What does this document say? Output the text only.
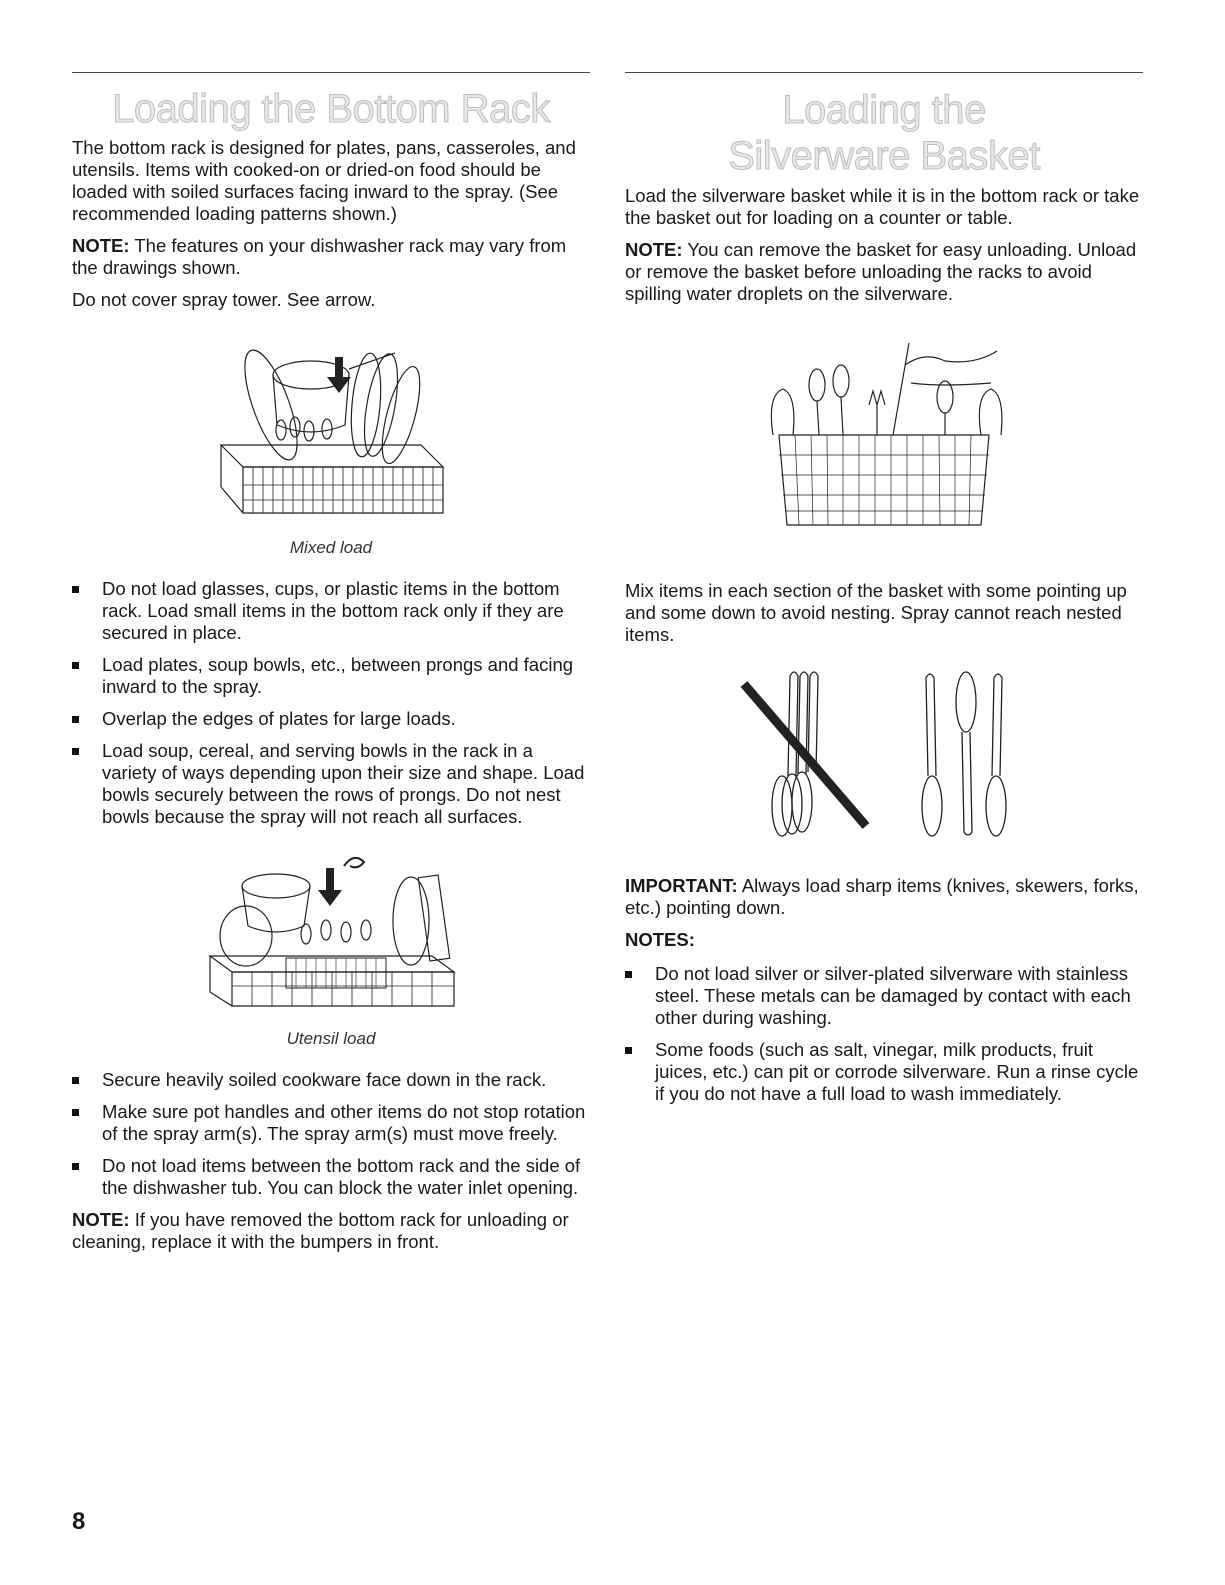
Loading the Bottom Rack

The bottom rack is designed for plates, pans, casseroles, and utensils. Items with cooked-on or dried-on food should be loaded with soiled surfaces facing inward to the spray. (See recommended loading patterns shown.)

NOTE: The features on your dishwasher rack may vary from the drawings shown.

Do not cover spray tower. See arrow.

Mixed load
Do not load glasses, cups, or plastic items in the bottom rack. Load small items in the bottom rack only if they are secured in place.
Load plates, soup bowls, etc., between prongs and facing inward to the spray.
Overlap the edges of plates for large loads.
Load soup, cereal, and serving bowls in the rack in a variety of ways depending upon their size and shape. Load bowls securely between the rows of prongs. Do not nest bowls because the spray will not reach all surfaces.
Utensil load
Secure heavily soiled cookware face down in the rack.
Make sure pot handles and other items do not stop rotation of the spray arm(s). The spray arm(s) must move freely.
Do not load items between the bottom rack and the side of the dishwasher tub. You can block the water inlet opening.

NOTE: If you have removed the bottom rack for unloading or cleaning, replace it with the bumpers in front.

Loading the
Silverware Basket

Load the silverware basket while it is in the bottom rack or take the basket out for loading on a counter or table.

NOTE: You can remove the basket for easy unloading. Unload or remove the basket before unloading the racks to avoid spilling water droplets on the silverware.

Mix items in each section of the basket with some pointing up and some down to avoid nesting. Spray cannot reach nested items.

IMPORTANT: Always load sharp items (knives, skewers, forks, etc.) pointing down.

NOTES:
Do not load silver or silver-plated silverware with stainless steel. These metals can be damaged by contact with each other during washing.
Some foods (such as salt, vinegar, milk products, fruit juices, etc.) can pit or corrode silverware. Run a rinse cycle if you do not have a full load to wash immediately.
8
